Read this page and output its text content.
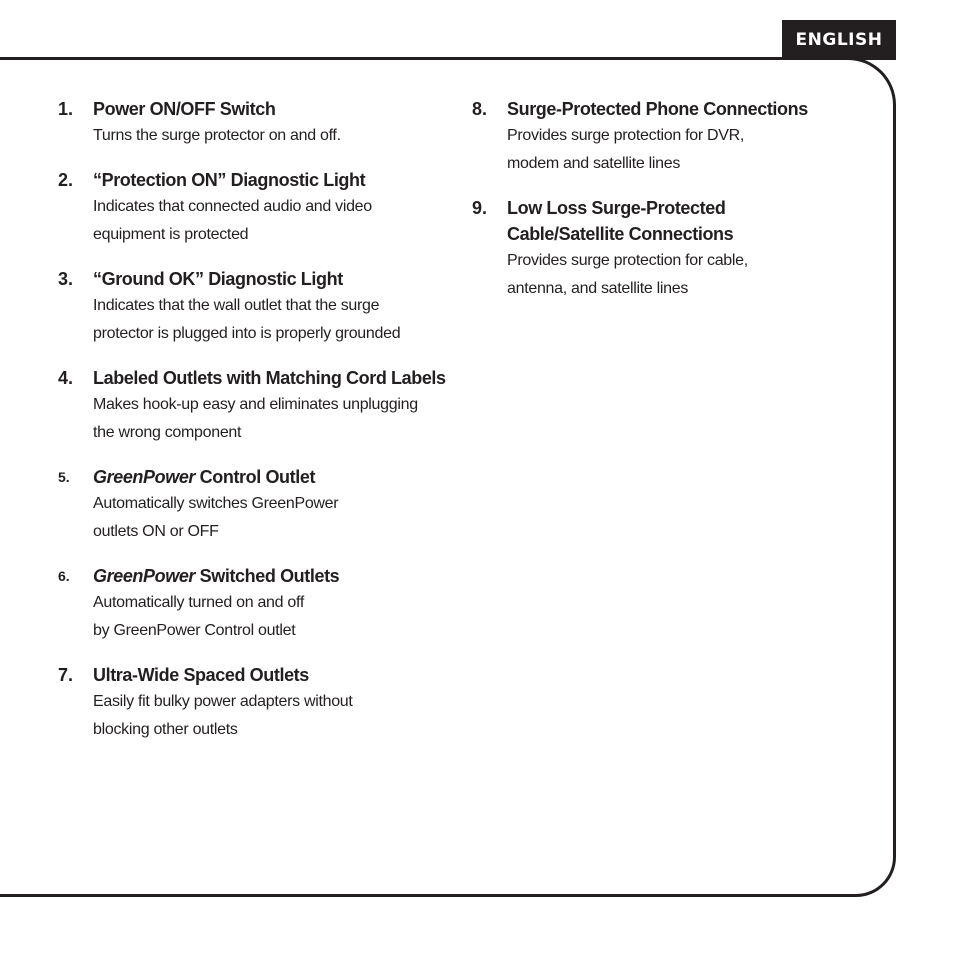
ENGLISH
1.	Power ON/OFF Switch
Turns the surge protector on and off.
2.	“Protection ON” Diagnostic Light
Indicates that connected audio and video
equipment is protected
3.	“Ground OK” Diagnostic Light
Indicates that the wall outlet that the surge
protector is plugged into is properly grounded
4.	Labeled Outlets with Matching Cord Labels
Makes hook-up easy and eliminates unplugging
the wrong component
5.	GreenPower Control Outlet
Automatically switches GreenPower
outlets ON or OFF
6.	GreenPower Switched Outlets
Automatically turned on and off
by GreenPower Control outlet
7.	Ultra-Wide Spaced Outlets
Easily fit bulky power adapters without
blocking other outlets
8.	Surge-Protected Phone Connections
Provides surge protection for DVR,
modem and satellite lines
9.	Low Loss Surge-Protected
Cable/Satellite Connections
Provides surge protection for cable,
antenna, and satellite lines
